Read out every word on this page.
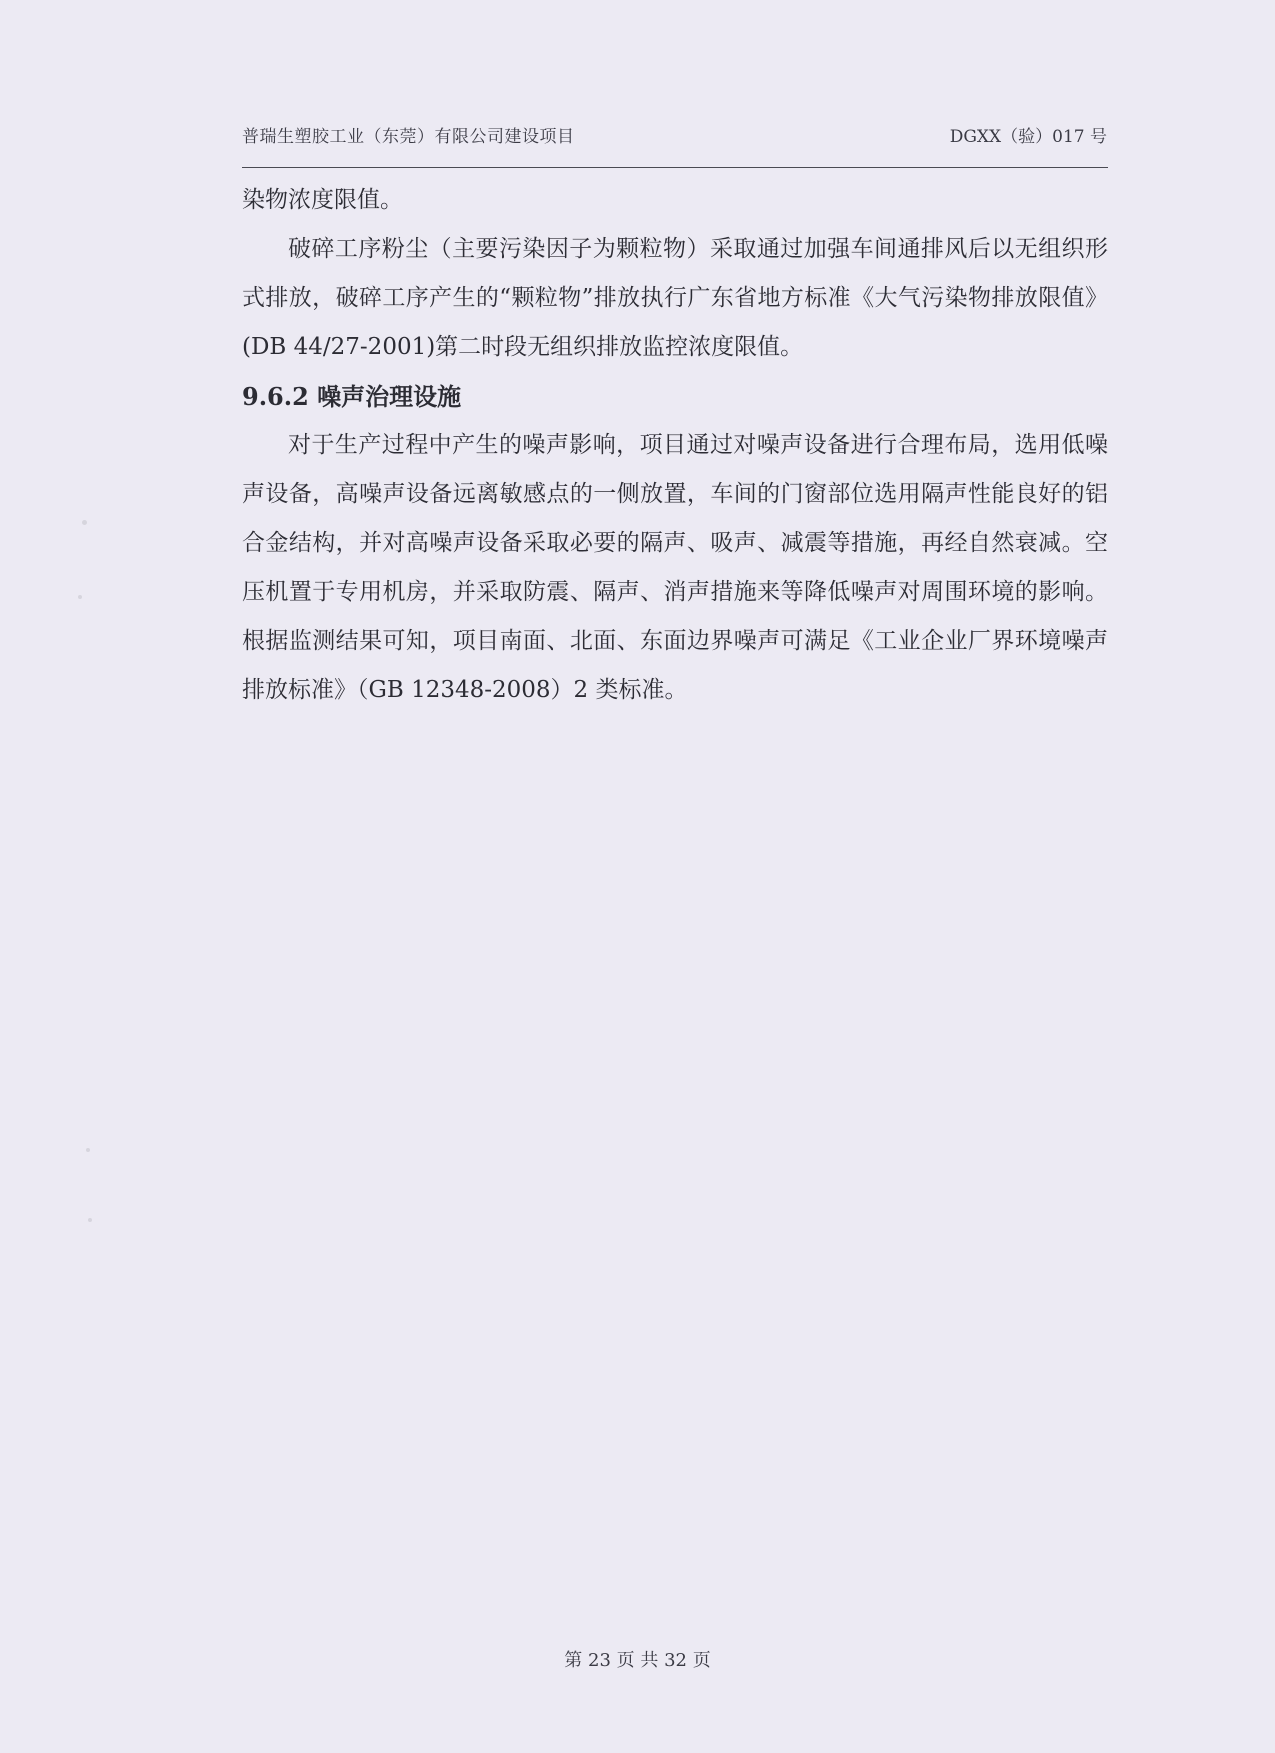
普瑞生塑胶工业（东莞）有限公司建设项目	DGXX（验）017 号

染物浓度限值。

破碎工序粉尘（主要污染因子为颗粒物）采取通过加强车间通排风后以无组织形式排放，破碎工序产生的“颗粒物”排放执行广东省地方标准《大气污染物排放限值》(DB 44/27-2001)第二时段无组织排放监控浓度限值。

9.6.2 噪声治理设施

对于生产过程中产生的噪声影响，项目通过对噪声设备进行合理布局，选用低噪声设备，高噪声设备远离敏感点的一侧放置，车间的门窗部位选用隔声性能良好的铝合金结构，并对高噪声设备采取必要的隔声、吸声、减震等措施，再经自然衰减。空压机置于专用机房，并采取防震、隔声、消声措施来等降低噪声对周围环境的影响。根据监测结果可知，项目南面、北面、东面边界噪声可满足《工业企业厂界环境噪声排放标准》（GB 12348-2008）2 类标准。

第 23 页 共 32 页
